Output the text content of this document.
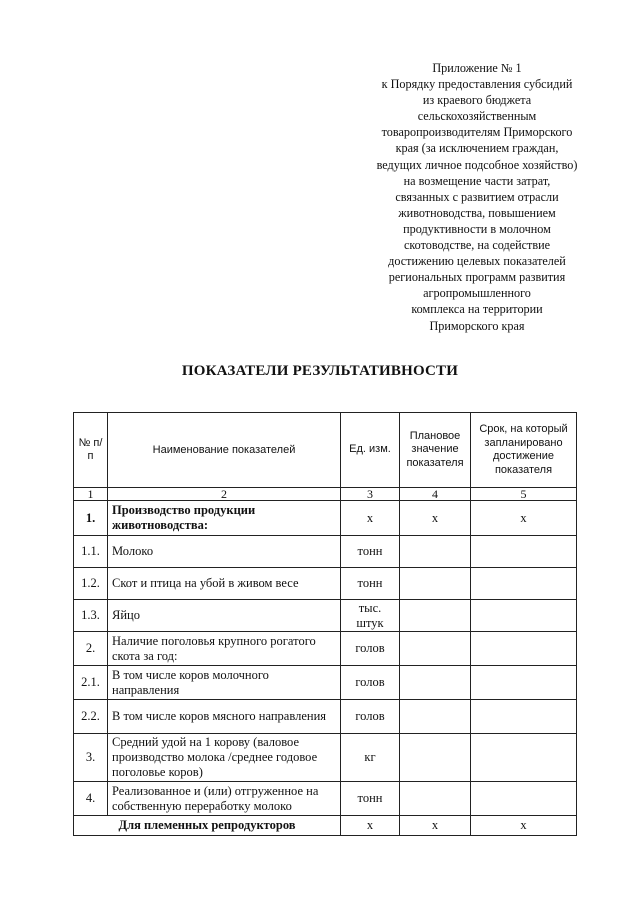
Приложение № 1
к Порядку предоставления субсидий
из краевого бюджета
сельскохозяйственным
товаропроизводителям Приморского
края (за исключением граждан,
ведущих личное подсобное хозяйство)
на возмещение части затрат,
связанных с развитием отрасли
животноводства, повышением
продуктивности в молочном
скотоводстве, на содействие
достижению целевых показателей
региональных программ развития
агропромышленного
комплекса на территории
Приморского края
ПОКАЗАТЕЛИ РЕЗУЛЬТАТИВНОСТИ
№ п/п	Наименование показателей	Ед. изм.	Плановое значение показателя	Срок, на который запланировано достижение показателя
1	2	3	4	5
1.	Производство продукции животноводства:	х	х	х
1.1.	Молоко	тонн		
1.2.	Скот и птица на убой в живом весе	тонн		
1.3.	Яйцо	тыс. штук		
2.	Наличие поголовья крупного рогатого скота за год:	голов		
2.1.	В том числе коров молочного направления	голов		
2.2.	В том числе коров мясного направления	голов		
3.	Средний удой на 1 корову (валовое производство молока /среднее годовое поголовье коров)	кг		
4.	Реализованное и (или) отгруженное на собственную переработку молоко	тонн		
Для племенных репродукторов		х	х	х
